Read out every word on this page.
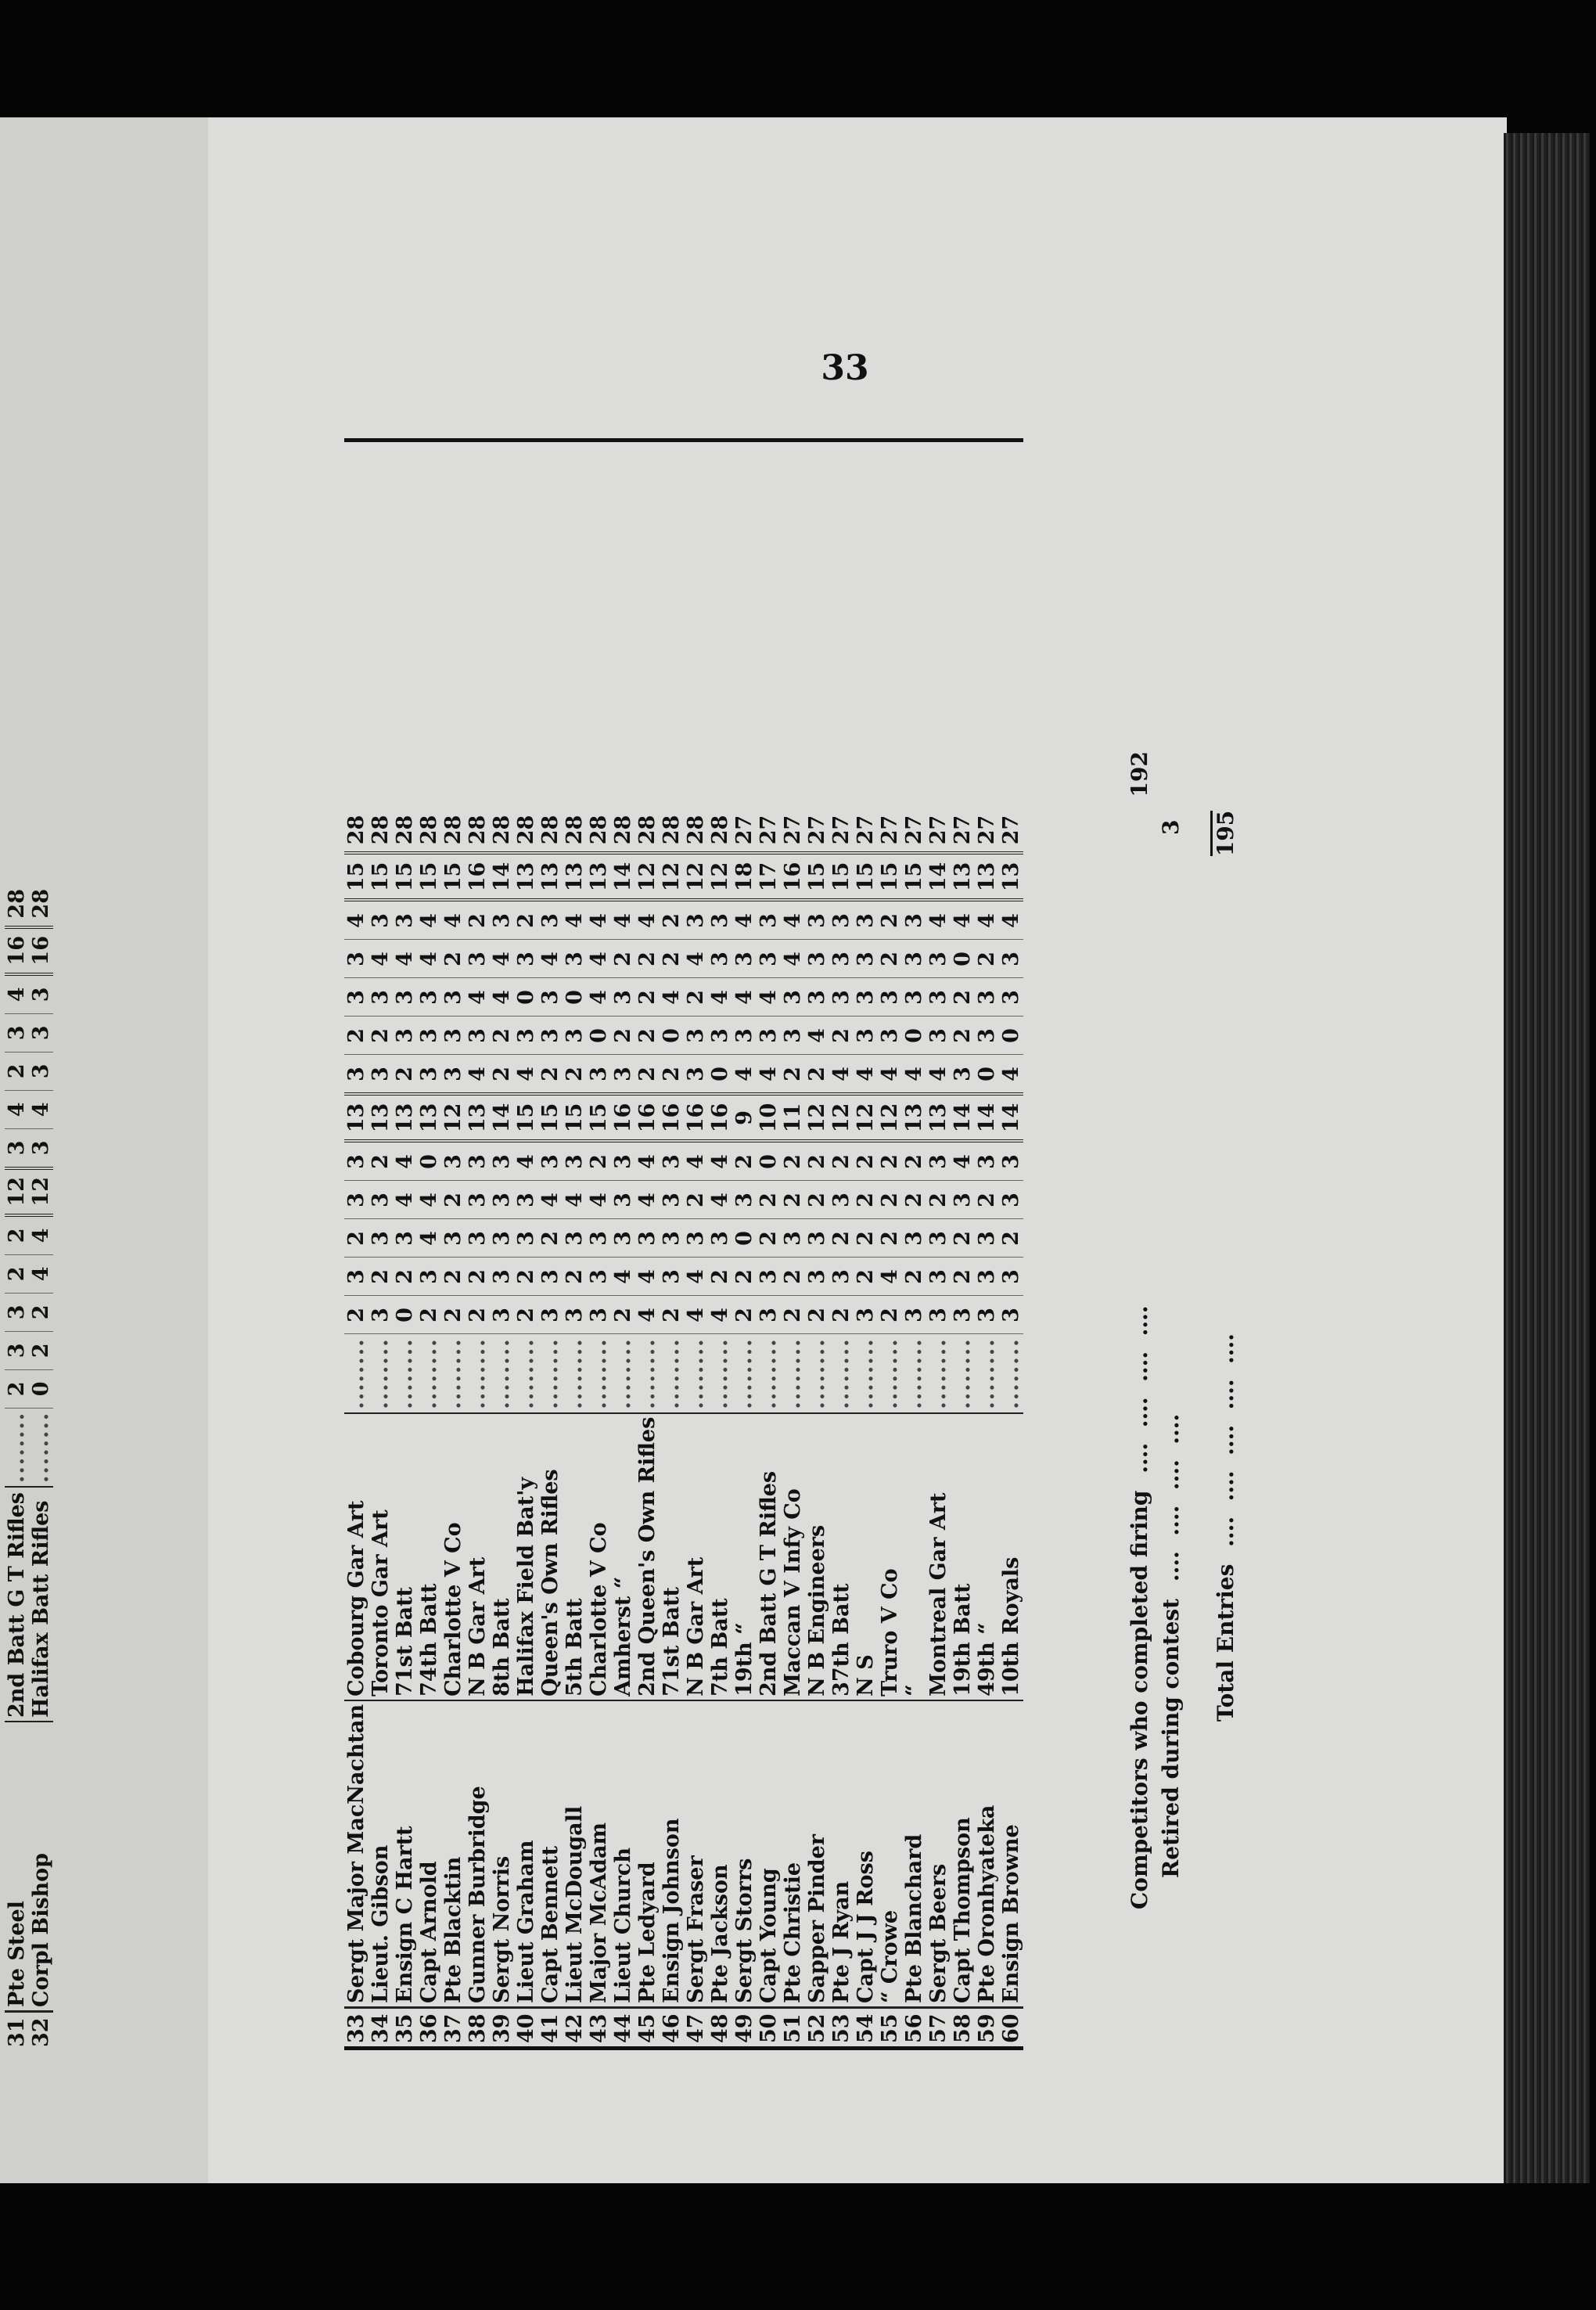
33
31	Pte Steel	2nd Batt G T Rifles	........	2	3	3	2	2	12	3	4	2	3	4	16	28
32	Corpl Bishop	Halifax Batt Rifles	........	0	2	2	4	4	12	3	4	3	3	3	16	28
33	Sergt Major MacNachtan	Cobourg Gar Art	........	2	3	2	3	3	13	3	2	3	3	4	15	28
34	Lieut. Gibson	Toronto Gar Art	........	3	2	3	3	2	13	3	2	3	4	3	15	28
35	Ensign C Hartt	71st Batt	........	0	2	3	4	4	13	2	3	3	4	3	15	28
36	Capt Arnold	74th Batt	........	2	3	4	4	0	13	3	3	3	4	4	15	28
37	Pte Blacktin	Charlotte V Co	........	2	2	3	2	3	12	3	3	3	2	4	15	28
38	Gunner Burbridge	N B Gar Art	........	2	2	3	3	3	13	4	3	4	3	2	16	28
39	Sergt Norris	8th Batt	........	3	3	3	3	3	14	2	2	4	4	3	14	28
40	Lieut Graham	Halifax Field Bat'y	........	2	2	3	3	4	15	4	3	0	3	2	13	28
41	Capt Bennett	Queen's Own Rifles	........	3	3	2	4	3	15	2	3	3	4	3	13	28
42	Lieut McDougall	5th Batt	........	3	2	3	4	3	15	2	3	0	3	4	13	28
43	Major McAdam	Charlotte V Co	........	3	3	3	4	2	15	3	0	4	4	4	13	28
44	Lieut Church	Amherst “	........	2	4	3	3	3	16	3	2	3	2	4	14	28
45	Pte Ledyard	2nd Queen's Own Rifles	........	4	4	3	4	4	16	2	2	2	2	4	12	28
46	Ensign Johnson	71st Batt	........	2	3	3	3	3	16	2	0	4	2	2	12	28
47	Sergt Fraser	N B Gar Art	........	4	4	3	2	4	16	3	3	2	4	3	12	28
48	Pte Jackson	7th Batt	........	4	2	3	4	4	16	0	3	4	3	3	12	28
49	Sergt Storrs	19th “	........	2	2	0	3	2	9	4	3	4	3	4	18	27
50	Capt Young	2nd Batt G T Rifles	........	3	3	2	2	0	10	4	3	4	3	3	17	27
51	Pte Christie	Maccan V Infy Co	........	2	2	3	2	2	11	2	3	3	4	4	16	27
52	Sapper Pinder	N B Engineers	........	2	3	3	2	2	12	2	4	3	3	3	15	27
53	Pte J Ryan	37th Batt	........	2	3	2	3	2	12	4	2	3	3	3	15	27
54	Capt J J Ross	N S	........	3	2	2	2	2	12	4	3	3	3	3	15	27
55	“ Crowe	Truro V Co	........	2	4	2	2	2	12	4	3	3	2	2	15	27
56	Pte Blanchard	“	........	3	2	3	2	2	13	4	0	3	3	3	15	27
57	Sergt Beers	Montreal Gar Art	........	3	3	3	2	3	13	4	3	3	3	4	14	27
58	Capt Thompson	19th Batt	........	3	2	2	3	4	14	3	2	2	0	4	13	27
59	Pte Oronhyateka	49th “	........	3	3	3	2	3	14	0	3	3	2	4	13	27
60	Ensign Browne	10th Royals	........	3	3	2	3	3	14	4	0	3	3	4	13	27
Competitors who completed firing ....  ....  ....  .... 192
Retired during contest ....  ....  ....  .... 3
Total Entries ....  ....  ....  ....  .... 195
